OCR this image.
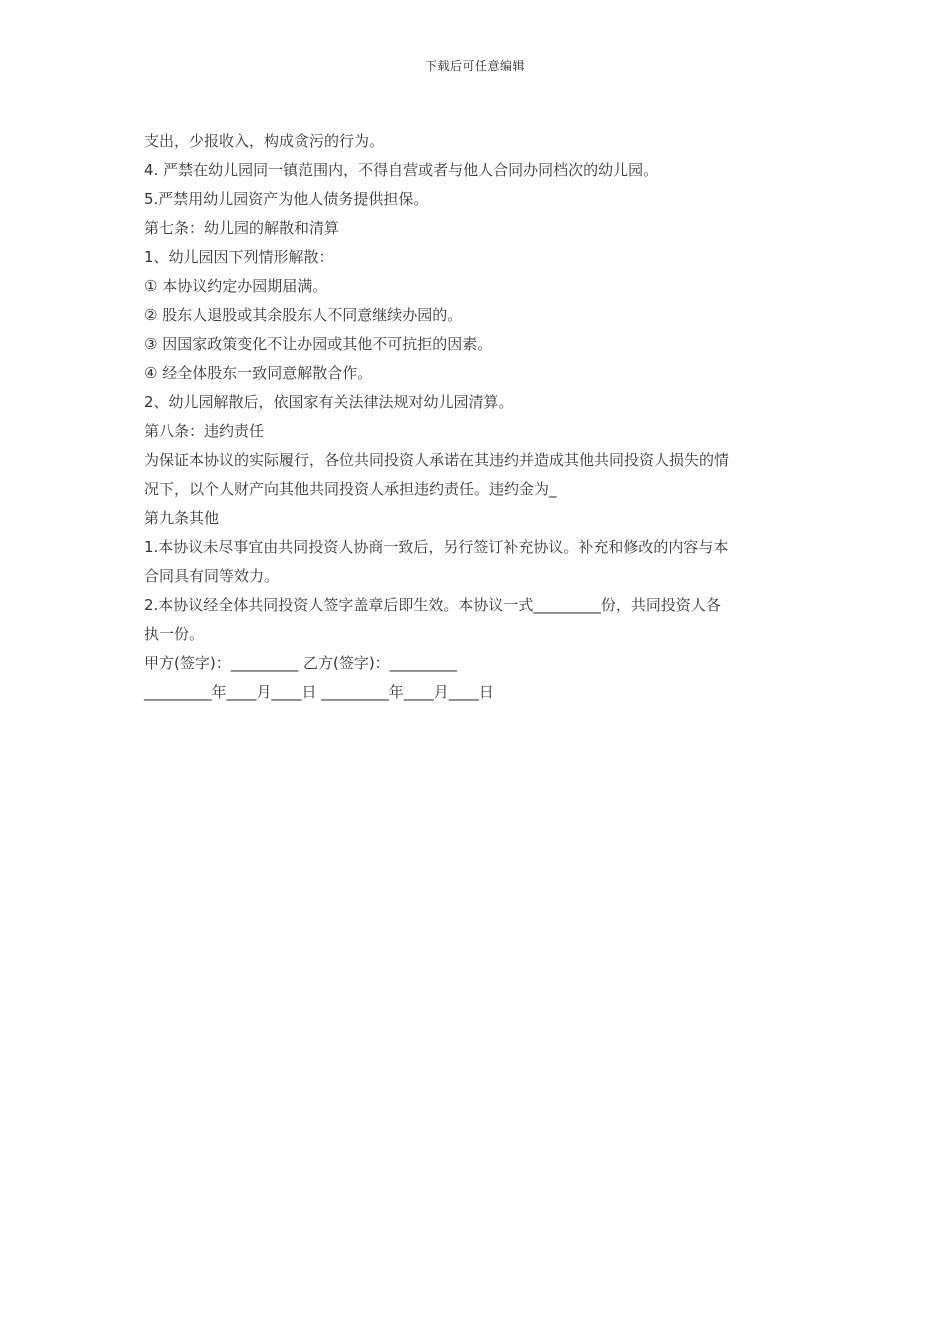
下载后可任意编辑
支出，少报收入，构成贪污的行为。
4. 严禁在幼儿园同一镇范围内，不得自营或者与他人合同办同档次的幼儿园。
5.严禁用幼儿园资产为他人债务提供担保。
第七条：幼儿园的解散和清算
1、幼儿园因下列情形解散：
① 本协议约定办园期届满。
② 股东人退股或其余股东人不同意继续办园的。
③ 因国家政策变化不让办园或其他不可抗拒的因素。
④ 经全体股东一致同意解散合作。
2、幼儿园解散后，依国家有关法律法规对幼儿园清算。
第八条：违约责任
为保证本协议的实际履行，各位共同投资人承诺在其违约并造成其他共同投资人损失的情
况下，以个人财产向其他共同投资人承担违约责任。违约金为_
第九条其他
1.本协议未尽事宜由共同投资人协商一致后，另行签订补充协议。补充和修改的内容与本
合同具有同等效力。
2.本协议经全体共同投资人签字盖章后即生效。本协议一式_________份，共同投资人各
执一份。
甲方(签字)：_________ 乙方(签字)：_________
_________年____月____日 _________年____月____日
